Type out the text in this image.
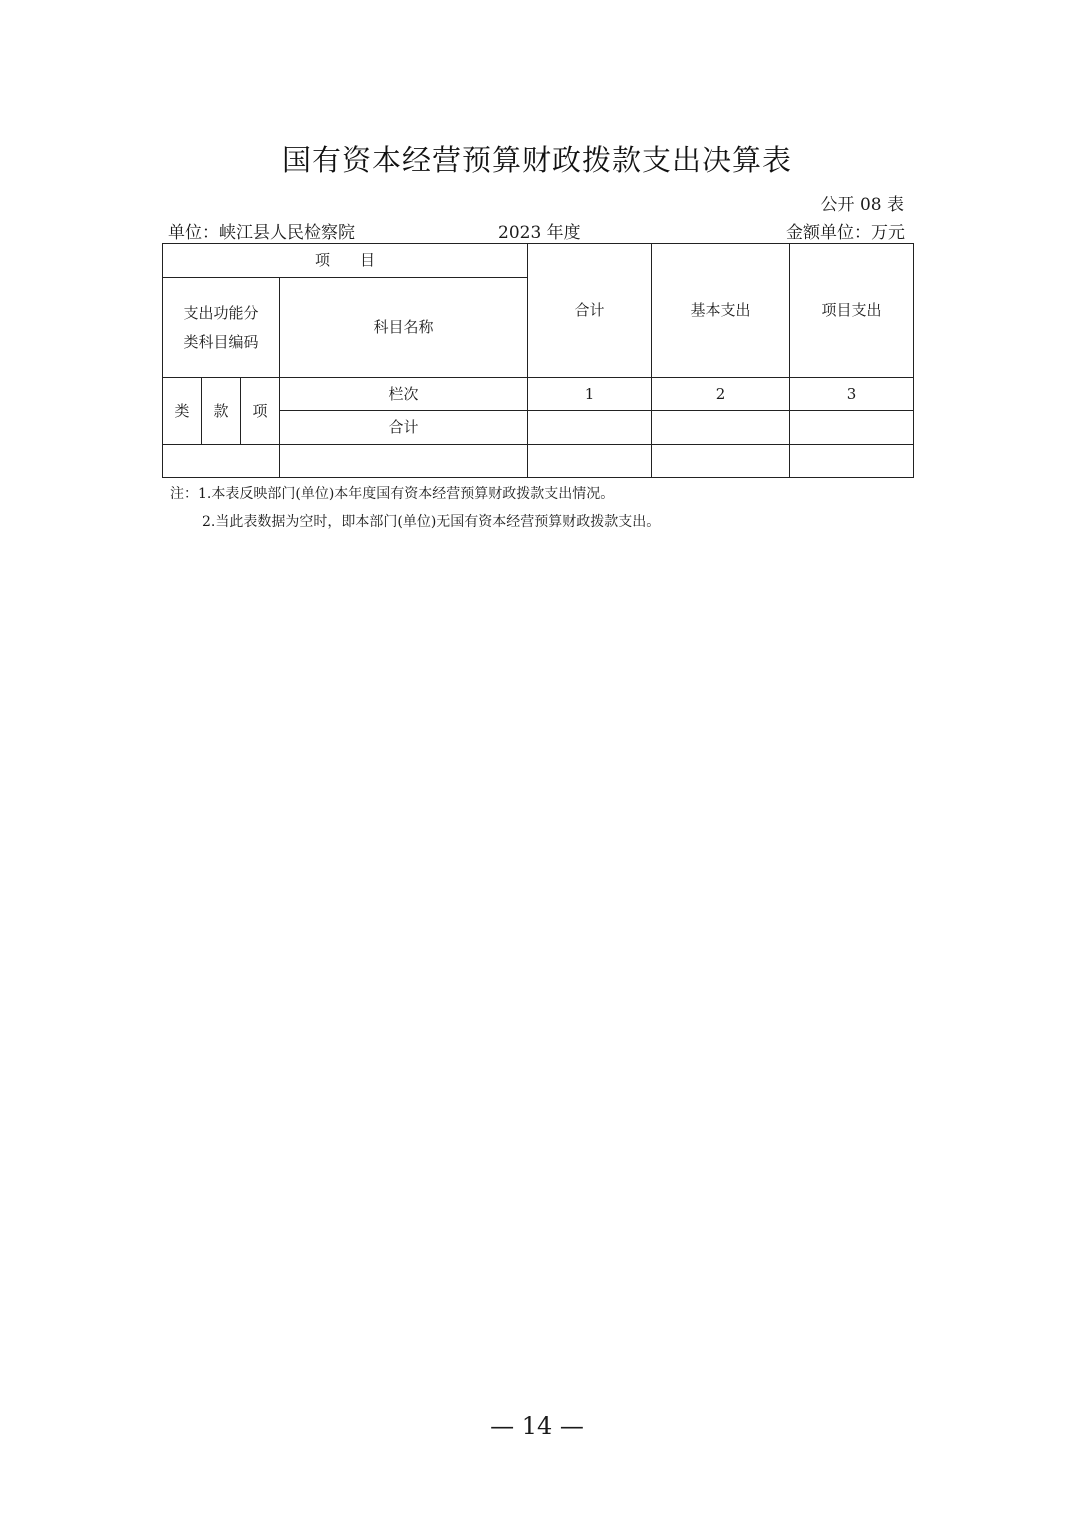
国有资本经营预算财政拨款支出决算表
公开 08 表
单位：峡江县人民检察院	2023 年度	金额单位：万元
项　　目				合计	基本支出	项目支出
支出功能分类科目编码			科目名称			
类	款	项	栏次	1	2	3
			合计			

注：1.本表反映部门(单位)本年度国有资本经营预算财政拨款支出情况。
2.当此表数据为空时，即本部门(单位)无国有资本经营预算财政拨款支出。
— 14 —
